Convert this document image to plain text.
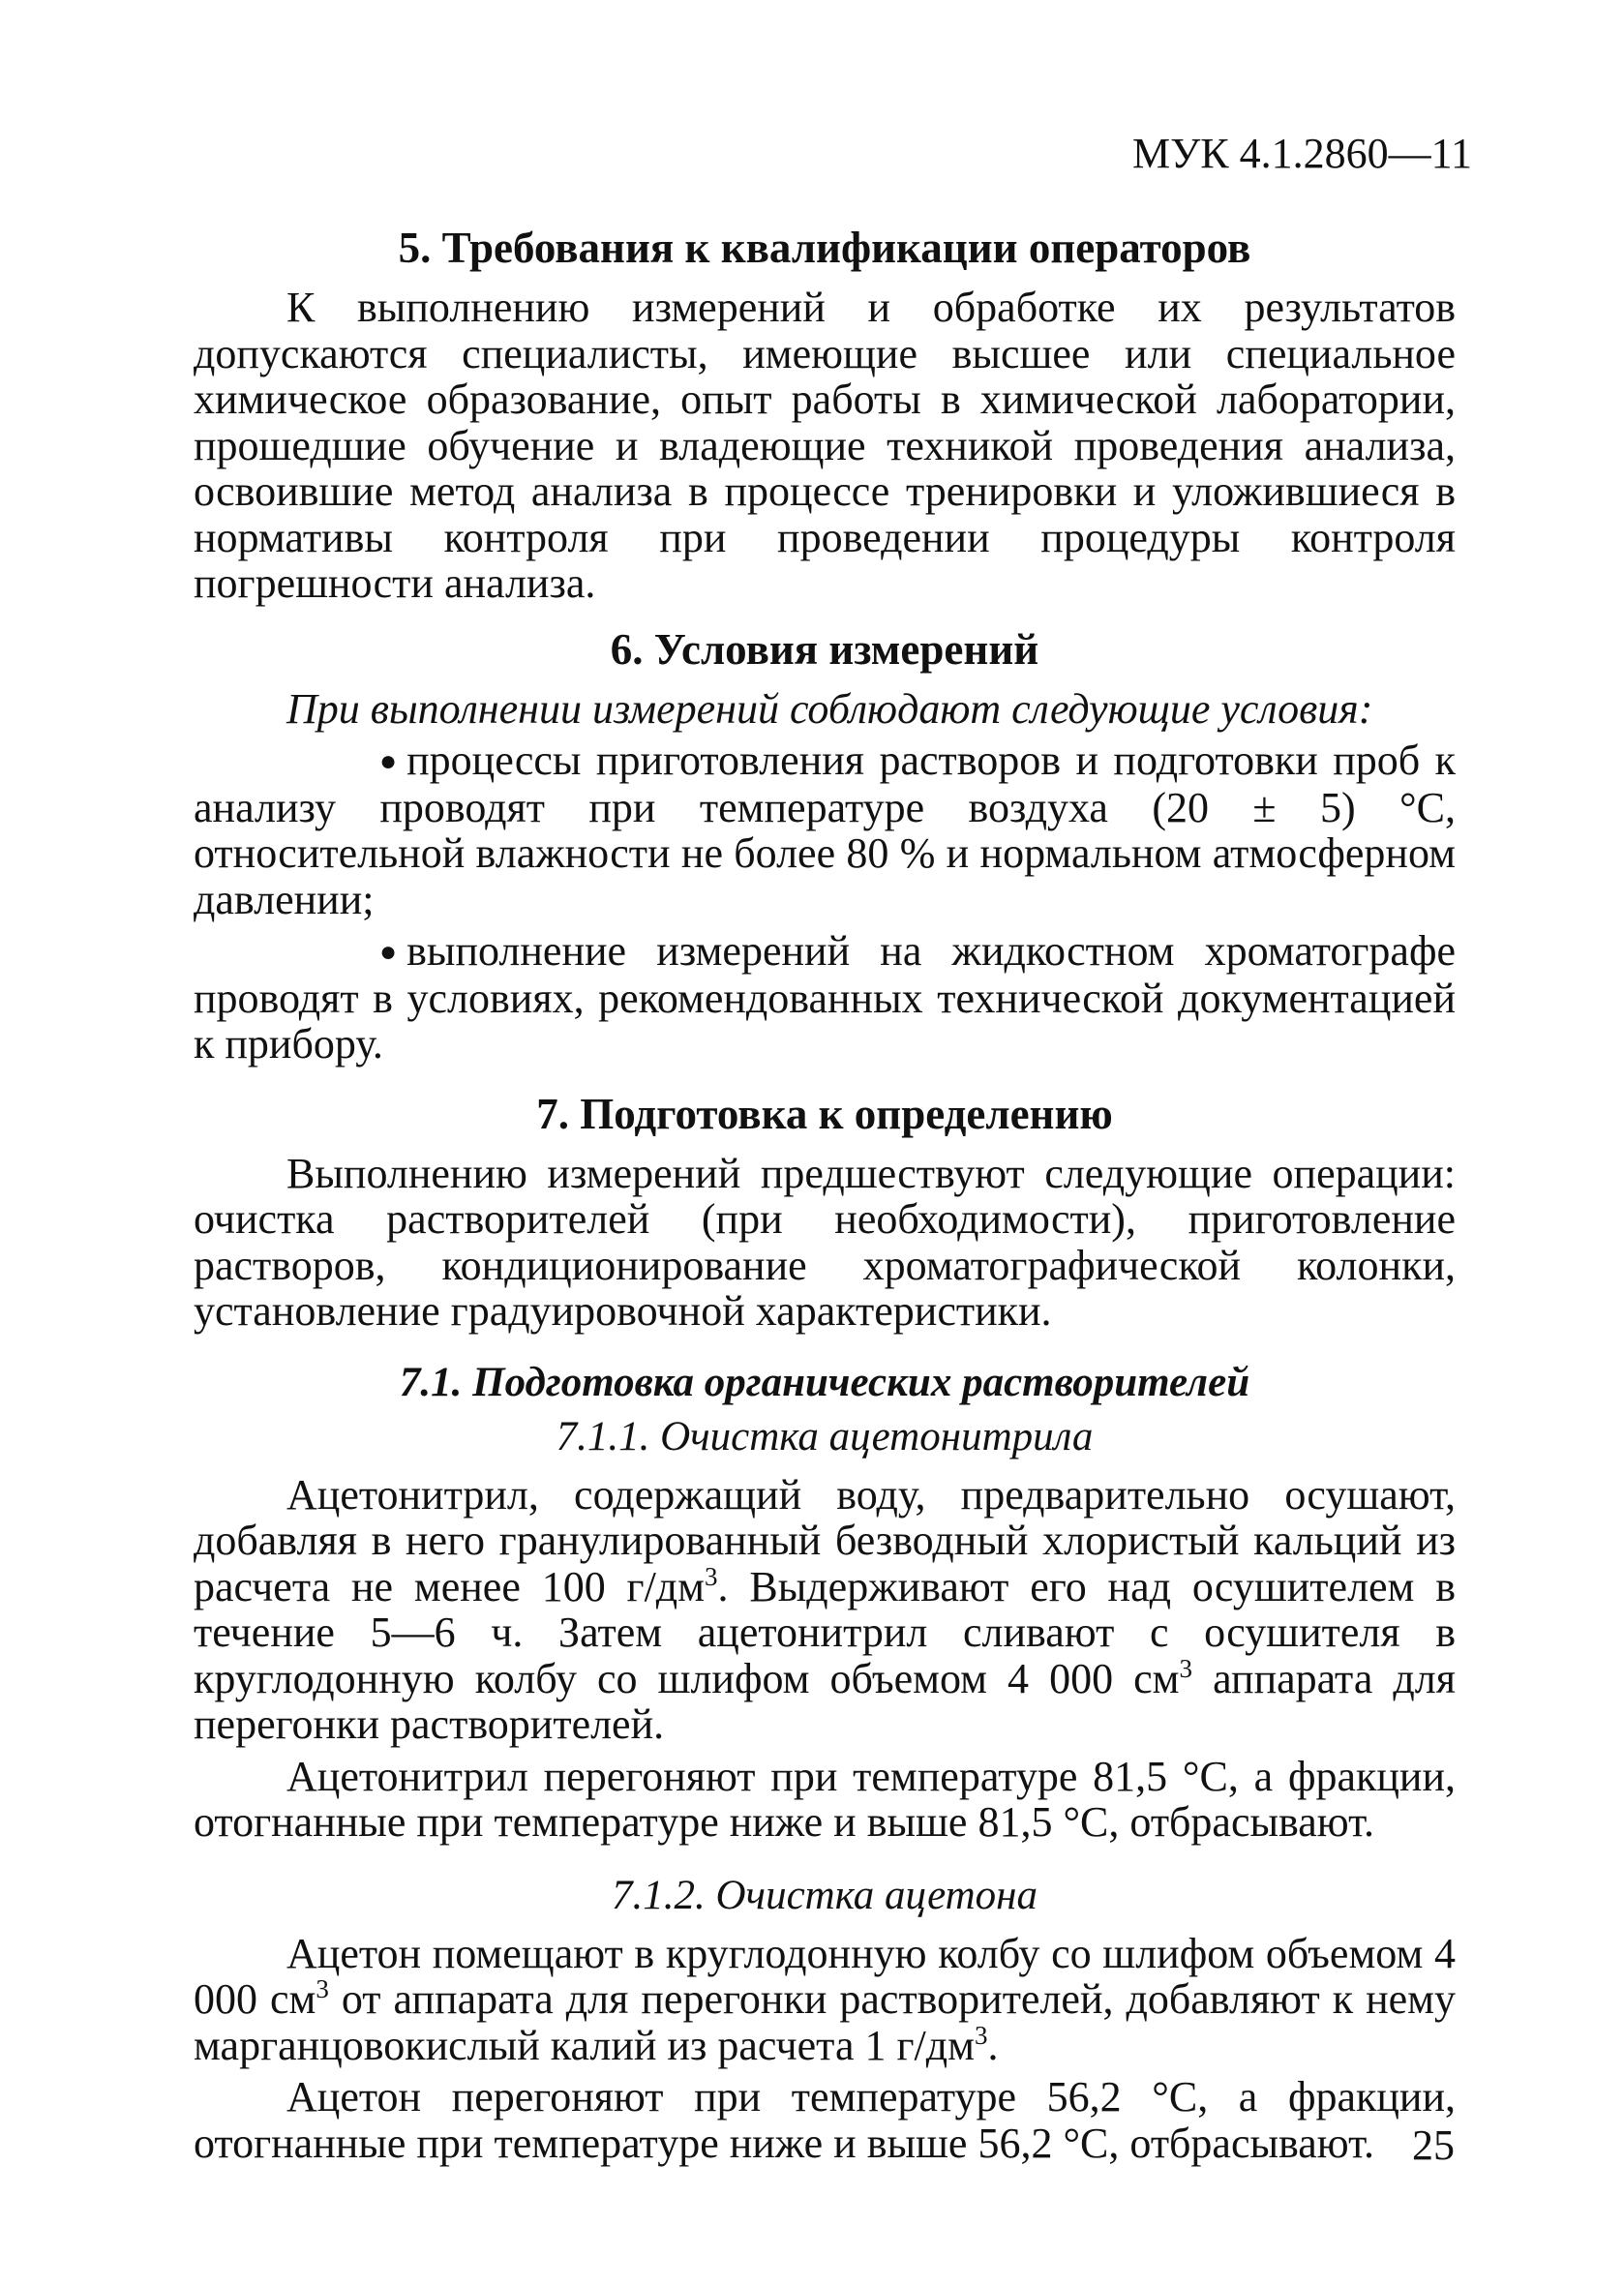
МУК 4.1.2860—11
5. Требования к квалификации операторов

К выполнению измерений и обработке их результатов допускаются специалисты, имеющие высшее или специальное химическое образование, опыт работы в химической лаборатории, прошедшие обучение и владеющие техникой проведения анализа, освоившие метод анализа в процессе тренировки и уложившиеся в нормативы контроля при проведении процедуры контроля погрешности анализа.

6. Условия измерений

При выполнении измерений соблюдают следующие условия:

● процессы приготовления растворов и подготовки проб к анализу проводят при температуре воздуха (20 ± 5) °С, относительной влажности не более 80 % и нормальном атмосферном давлении;

● выполнение измерений на жидкостном хроматографе проводят в условиях, рекомендованных технической документацией к прибору.

7. Подготовка к определению

Выполнению измерений предшествуют следующие операции: очистка растворителей (при необходимости), приготовление растворов, кондиционирование хроматографической колонки, установление градуировочной характеристики.

7.1. Подготовка органических растворителей
7.1.1. Очистка ацетонитрила

Ацетонитрил, содержащий воду, предварительно осушают, добавляя в него гранулированный безводный хлористый кальций из расчета не менее 100 $г/дм^3$. Выдерживают его над осушителем в течение 5—6 ч. Затем ацетонитрил сливают с осушителя в круглодонную колбу со шлифом объемом 4 000 $см^3$ аппарата для перегонки растворителей.

Ацетонитрил перегоняют при температуре 81,5 °С, а фракции, отогнанные при температуре ниже и выше 81,5 °С, отбрасывают.

7.1.2. Очистка ацетона

Ацетон помещают в круглодонную колбу со шлифом объемом 4 000 $см^3$ от аппарата для перегонки растворителей, добавляют к нему марганцовокислый калий из расчета 1 $г/дм^3$.

Ацетон перегоняют при температуре 56,2 °С, а фракции, отогнанные при температуре ниже и выше 56,2 °С, отбрасывают. 25
